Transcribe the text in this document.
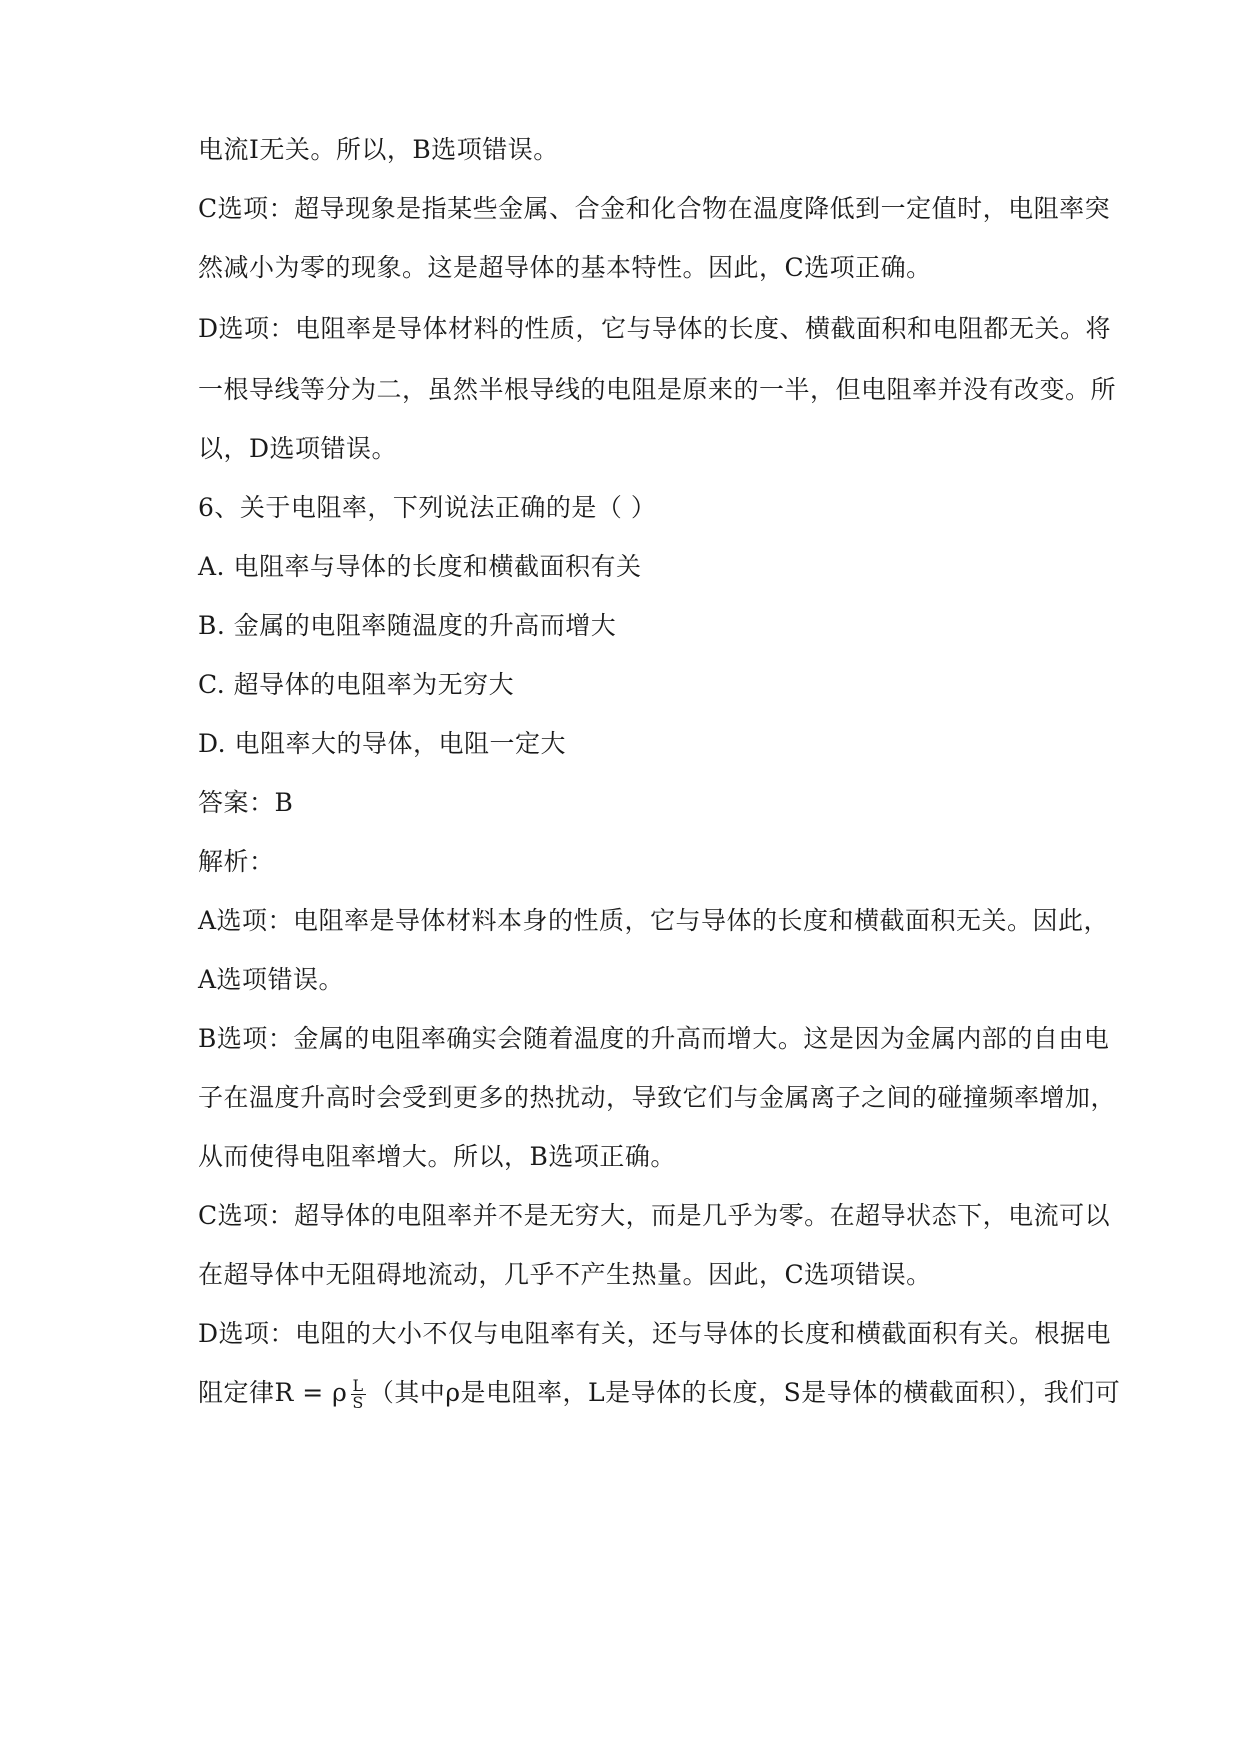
电流I无关。所以，B选项错误。
C选项：超导现象是指某些金属、合金和化合物在温度降低到一定值时，电阻率突
然减小为零的现象。这是超导体的基本特性。因此，C选项正确。
D选项：电阻率是导体材料的性质，它与导体的长度、横截面积和电阻都无关。将
一根导线等分为二，虽然半根导线的电阻是原来的一半，但电阻率并没有改变。所
以，D选项错误。
6、关于电阻率，下列说法正确的是（ ）
A. 电阻率与导体的长度和横截面积有关
B. 金属的电阻率随温度的升高而增大
C. 超导体的电阻率为无穷大
D. 电阻率大的导体，电阻一定大
答案：B
解析：
A选项：电阻率是导体材料本身的性质，它与导体的长度和横截面积无关。因此，
A选项错误。
B选项：金属的电阻率确实会随着温度的升高而增大。这是因为金属内部的自由电
子在温度升高时会受到更多的热扰动，导致它们与金属离子之间的碰撞频率增加，
从而使得电阻率增大。所以，B选项正确。
C选项：超导体的电阻率并不是无穷大，而是几乎为零。在超导状态下，电流可以
在超导体中无阻碍地流动，几乎不产生热量。因此，C选项错误。
D选项：电阻的大小不仅与电阻率有关，还与导体的长度和横截面积有关。根据电
阻定律R = ρ $\frac{L}{S}$ （其中ρ是电阻率，L是导体的长度，S是导体的横截面积），我们可
